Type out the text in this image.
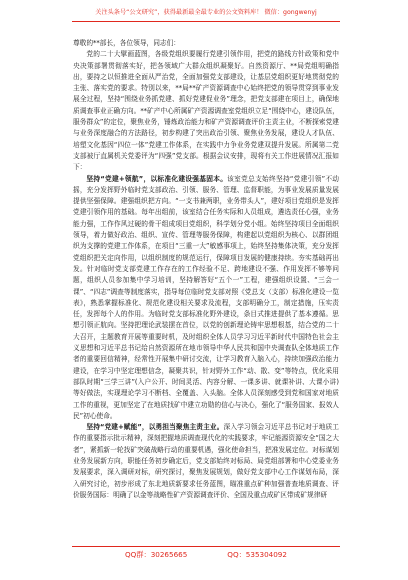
关注头条号“公文研究”，获得最新最全最专业的公文资料库！ 微信：gongwenyj

尊敬的**部长，各位领导，同志们：

党的二十大擘画蓝图，各级党组织要履行党建引领作用，把党的路线方针政策和党中央决策部署贯彻落实好，把各领域广大群众组织凝聚好。自然资源厅、**局党组明确指出，要持之以恒推进全面从严治党，全面加强党支部建设，让基层党组织更好地贯彻党的主张、落实党的要求。特别以来，**局**矿产资源调查中心始终把党的领导贯穿到事业发展全过程，坚持“围绕业务抓党建、抓好党建促业务”理念，把党支部建在项目上，确保地质调查事业正确方向。**矿产中心所属矿产资源调查室党组织立足“围绕中心，建设队伍，服务群众”的定位，聚焦业务，锤炼政治能力和矿产资源调查评价主责主业，不断探索党建与业务深度融合的方法路径，初步构建了突出政治引领、聚焦业务发展，建设人才队伍、培塑文化基因“四位一体”党建工作体系，在实践中力争业务党建双提升发展。所属第二党支部被厅直属机关党委评为“四强”党支部。根据会议安排，现将有关工作进展情况汇报如下：

坚持“党建+领航”，以标准化建设强基固本。该室党总支始终坚持“党建引领”不动摇，充分发挥野外临时党支部政治、引领、服务、管理、监督职能，为事业发展质量发展提供坚强保障。建强组织把方向。“一支书兼两职，业务带头人”，建好项目党组织是发挥党建引领作用的基础。每年出组前，该室结合任务实际和人员组成，遴选责任心强，业务能力强，工作作风过硬的骨干组成项目党组织，科学划分党小组。始终坚持项目全面组织领导，着力做好政治、组织、宣传、管理等服务保障，构建起以党组织为核心、以群团组织为支撑的党建工作体系，在项目“三重一大”敏感事项上，始终坚持集体决策，充分发挥党组织把关定向作用，以组织制度的规范运行，保障项目发展的健康持续。夯实基础再出发。针对临时党支部党建工作存在的工作经验不足、跨地建设不强、作用发挥不够等问题，组织人员参加集中学习培训，坚持解答好“五个一”工程，建强组织设置、“三会一课”、“四志”调查等制度落实，指导每位临时党支部对照《党总支（支部）标准化建设一览表》，熟悉掌握标准化、规范化建设相关要求及流程，支部明确分工，制定措施，压实责任，发挥每个人的作用。为临时党支部标准化野外建设，条目式推进提供了基本遵循。思想引领正航向。坚持把理论武装摆在首位，以党的创新理论铸牢思想根基，结合党的二十大召开，主题教育开展等重要时机，及时组织全体人员学习习近平新时代中国特色社会主义思想和习近平总书记给自然资源所在地市领导中华人民共和国中央调查队全体地质工作者的重要回信精神，经常性开展集中研讨交流，让学习教育入脑入心，持续加强政治能力建设，在学习中坚定理想信念，凝聚共识，针对野外工作“动、散、变”等特点，优化采用部队时期“三学三讲”(入户公开、时间灵活、内容分解、一课多讲、就课补讲、大课小讲) 等好做法，实现理论学习不断档、全覆盖、入头脑。全体人员深刻感受到党和国家对地质工作的重视，更加坚定了在地质找矿中建立功勋的信心与决心，强化了“服务国家、报效人民”初心使命。

坚持“党建+赋能”，以勇担当聚焦主责主业。深入学习领会习近平总书记对于地质工作的重要指示批示精神，深刻把握地质调查现代化的实践要求，牢记能源资源安全“国之大者”，紧抓新一轮找矿突破战略行动的重要机遇，强化使命担当，把准发展定位。对标谋划业务发展新方向，职能任务初步确定后，党支部始终对标局、局党组部署和中心党委业务发展要求，深入调研对标，研究探讨，聚焦发展规划，做好党支部中心工作谋划布局，深入研究讨论，初步形成了东北地质新要求任务蓝图，瞄准重点矿种加强普查地质调查、评价服务国际：明确了以金等战略性矿产资源调查评价、全国及重点成矿区带成矿规律研

QQ群：30265665	QQ：535304092
